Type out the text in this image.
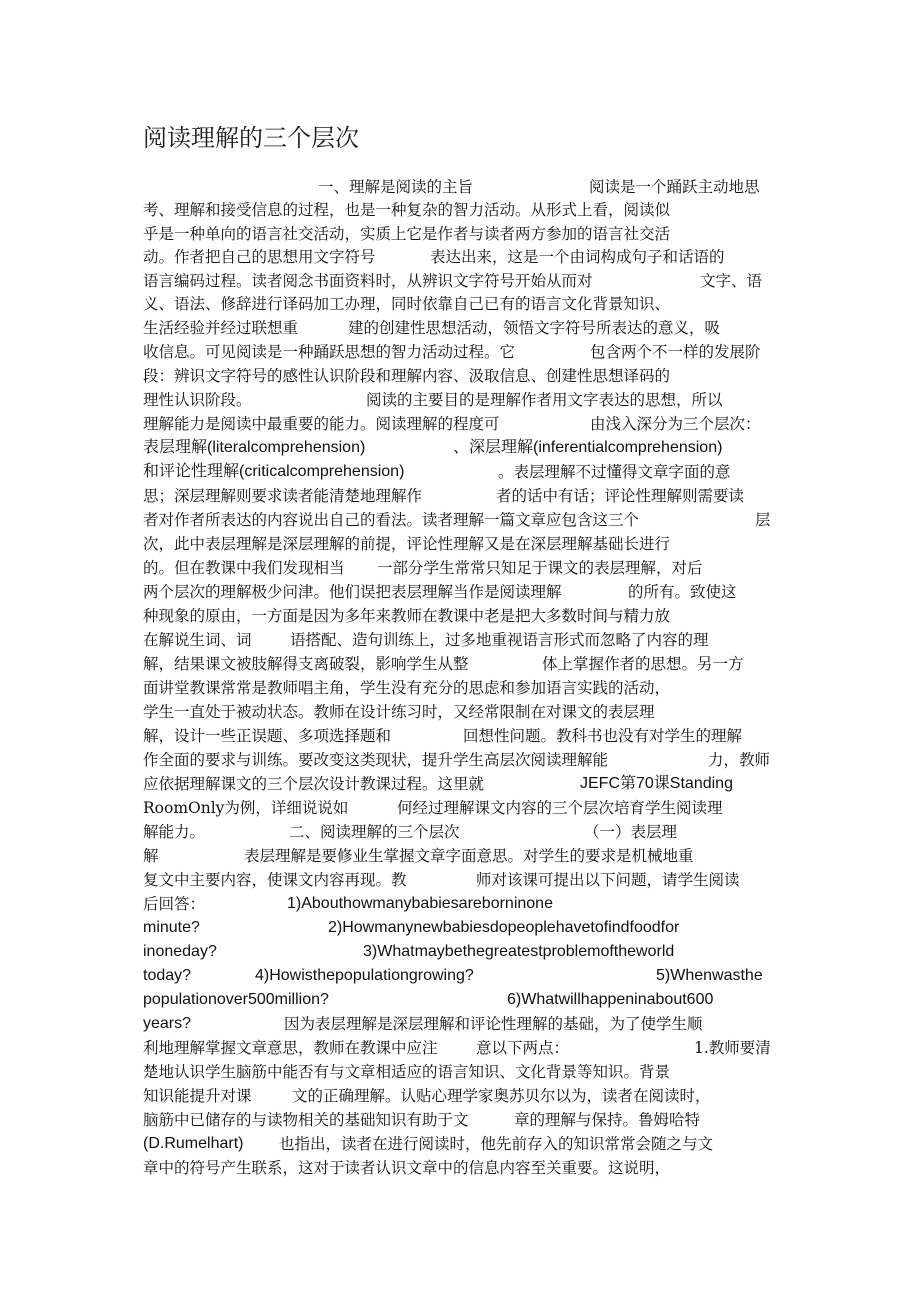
阅读理解的三个层次
一、理解是阅读的主旨	阅读是一个踊跃主动地思
考、理解和接受信息的过程，也是一种复杂的智力活动。从形式上看，阅读似
乎是一种单向的语言社交活动，实质上它是作者与读者两方参加的语言社交活
动。作者把自己的思想用文字符号	表达出来，这是一个由词构成句子和话语的
语言编码过程。读者阅念书面资料时，从辨识文字符号开始从而对	文字、语
义、语法、修辞进行译码加工办理，同时依靠自己已有的语言文化背景知识、
生活经验并经过联想重	建的创建性思想活动，领悟文字符号所表达的意义，吸
收信息。可见阅读是一种踊跃思想的智力活动过程。它	包含两个不一样的发展阶
段：辨识文字符号的感性认识阶段和理解内容、汲取信息、创建性思想译码的
理性认识阶段。	阅读的主要目的是理解作者用文字表达的思想，所以
理解能力是阅读中最重要的能力。阅读理解的程度可	由浅入深分为三个层次：
表层理解(literalcomprehension)	、深层理解(inferentialcomprehension)
和评论性理解(criticalcomprehension)	。表层理解不过懂得文章字面的意
思；深层理解则要求读者能清楚地理解作	者的话中有话；评论性理解则需要读
者对作者所表达的内容说出自己的看法。读者理解一篇文章应包含这三个	层
次，此中表层理解是深层理解的前提，评论性理解又是在深层理解基础长进行
的。但在教课中我们发现相当 一部分学生常常只知足于课文的表层理解，对后
两个层次的理解极少问津。他们误把表层理解当作是阅读理解	的所有。致使这
种现象的原由，一方面是因为多年来教师在教课中老是把大多数时间与精力放
在解说生词、词 语搭配、造句训练上，过多地重视语言形式而忽略了内容的理
解，结果课文被肢解得支离破裂，影响学生从整	体上掌握作者的思想。另一方
面讲堂教课常常是教师唱主角，学生没有充分的思虑和参加语言实践的活动，
学生一直处于被动状态。教师在设计练习时，又经常限制在对课文的表层理
解，设计一些正误题、多项选择题和	回想性问题。教科书也没有对学生的理解
作全面的要求与训练。要改变这类现状，提升学生高层次阅读理解能	力，教师
应依据理解课文的三个层次设计教课过程。这里就	JEFC第70课Standing
RoomOnly为例，详细说说如	何经过理解课文内容的三个层次培育学生阅读理
解能力。	二、阅读理解的三个层次	（一）表层理
解	表层理解是要修业生掌握文章字面意思。对学生的要求是机械地重
复文中主要内容，使课文内容再现。教	师对该课可提出以下问题，请学生阅读
后回答：	1)Abouthowmanybabiesareborninone
minute?	2)Howmanynewbabiesdopeoplehavetofindfoodfor
inoneday?	3)Whatmaybethegreatestproblemoftheworld
today?	4)Howisthepopulationgrowing?	5)Whenwasthe
populationover500million?	6)Whatwillhappeninabout600
years?	因为表层理解是深层理解和评论性理解的基础，为了使学生顺
利地理解掌握文章意思，教师在教课中应注 意以下两点：	1.教师要清
楚地认识学生脑筋中能否有与文章相适应的语言知识、文化背景等知识。背景
知识能提升对课	文的正确理解。认贴心理学家奥苏贝尔以为，读者在阅读时，
脑筋中已储存的与读物相关的基础知识有助于文	章的理解与保持。鲁姆哈特
(D.Rumelhart) 也指出，读者在进行阅读时，他先前存入的知识常常会随之与文
章中的符号产生联系，这对于读者认识文章中的信息内容至关重要。这说明，
